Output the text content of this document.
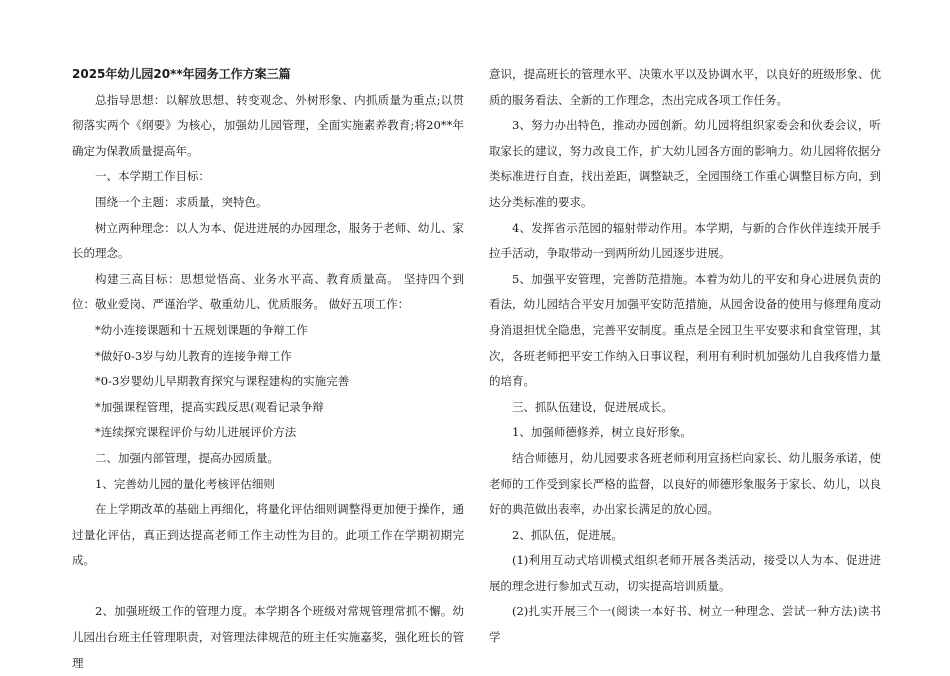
2025年幼儿园20**年园务工作方案三篇

总指导思想：以解放思想、转变观念、外树形象、内抓质量为重点;以贯彻落实两个《纲要》为核心，加强幼儿园管理，全面实施素养教育;将20**年确定为保教质量提高年。

一、本学期工作目标：

围绕一个主题：求质量，突特色。

树立两种理念：以人为本、促进进展的办园理念，服务于老师、幼儿、家长的理念。

构建三高目标：思想觉悟高、业务水平高、教育质量高。 坚持四个到位：敬业爱岗、严谨治学、敬重幼儿、优质服务。 做好五项工作：

*幼小连接课题和十五规划课题的争辩工作

*做好0-3岁与幼儿教育的连接争辩工作

*0-3岁婴幼儿早期教育探究与课程建构的实施完善

*加强课程管理，提高实践反思(观看记录争辩

*连续探究课程评价与幼儿进展评价方法

二、加强内部管理，提高办园质量。

1、完善幼儿园的量化考核评估细则

在上学期改革的基础上再细化，将量化评估细则调整得更加便于操作，通过量化评估，真正到达提高老师工作主动性为目的。此项工作在学期初期完成。

2、加强班级工作的管理力度。本学期各个班级对常规管理常抓不懈。幼儿园出台班主任管理职责，对管理法律规范的班主任实施嘉奖，强化班长的管理

意识，提高班长的管理水平、决策水平以及协调水平，以良好的班级形象、优质的服务看法、全新的工作理念，杰出完成各项工作任务。

3、努力办出特色，推动办园创新。幼儿园将组织家委会和伙委会议，听取家长的建议，努力改良工作，扩大幼儿园各方面的影响力。幼儿园将依据分类标准进行自查，找出差距，调整缺乏，全园围绕工作重心调整目标方向，到达分类标准的要求。

4、发挥省示范园的辐射带动作用。本学期，与新的合作伙伴连续开展手拉手活动，争取带动一到两所幼儿园逐步进展。

5、加强平安管理，完善防范措施。本着为幼儿的平安和身心进展负责的看法，幼儿园结合平安月加强平安防范措施，从园舍设备的使用与修理角度动身消退担忧全隐患，完善平安制度。重点是全园卫生平安要求和食堂管理，其次，各班老师把平安工作纳入日事议程，利用有利时机加强幼儿自我疼惜力量的培育。

三、抓队伍建设，促进展成长。

1、加强师德修养，树立良好形象。

结合师德月，幼儿园要求各班老师利用宣扬栏向家长、幼儿服务承诺，使老师的工作受到家长严格的监督，以良好的师德形象服务于家长、幼儿，以良好的典范做出表率，办出家长满足的放心园。

2、抓队伍，促进展。

(1)利用互动式培训模式组织老师开展各类活动，接受以人为本、促进进展的理念进行参加式互动，切实提高培训质量。

(2)扎实开展三个一(阅读一本好书、树立一种理念、尝试一种方法)读书学
